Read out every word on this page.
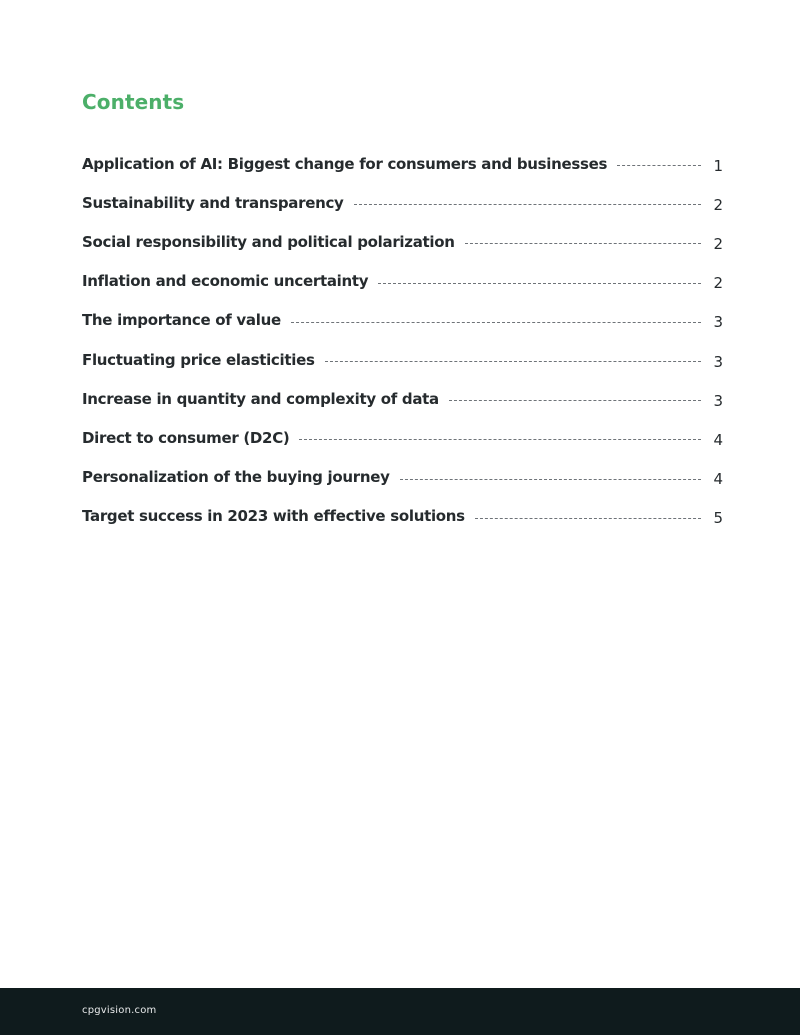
Contents
Application of AI: Biggest change for consumers and businesses	1
Sustainability and transparency	2
Social responsibility and political polarization	2
Inflation and economic uncertainty	2
The importance of value	3
Fluctuating price elasticities	3
Increase in quantity and complexity of data	3
Direct to consumer (D2C)	4
Personalization of the buying journey	4
Target success in 2023 with effective solutions	5
cpgvision.com
